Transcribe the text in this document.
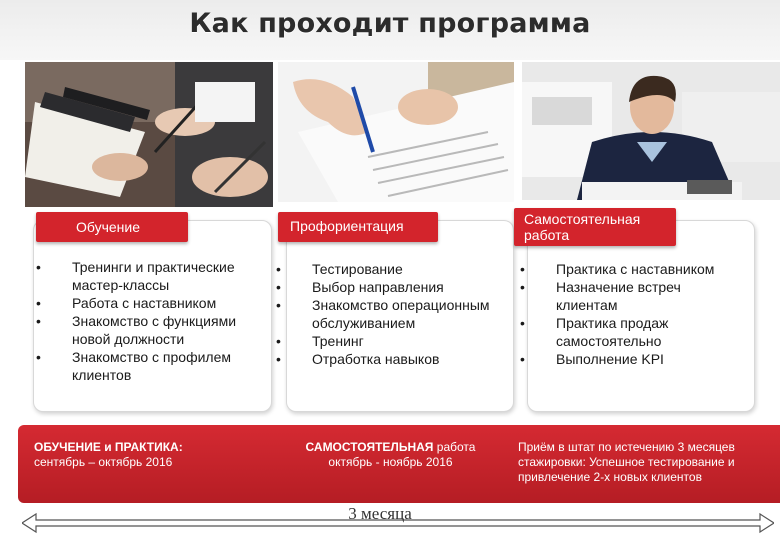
Как проходит программа
Обучение
• Тренинги и практические мастер-классы
• Работа с наставником
• Знакомство с функциями новой должности
• Знакомство с профилем клиентов
Профориентация
• Тестирование
• Выбор направления
• Знакомство операционным обслуживанием
• Тренинг
• Отработка навыков
Самостоятельная работа
• Практика с наставником
• Назначение встреч клиентам
• Практика продаж самостоятельно
• Выполнение KPI
ОБУЧЕНИЕ и ПРАКТИКА:
сентябрь – октябрь 2016
САМОСТОЯТЕЛЬНАЯ работа
октябрь - ноябрь 2016
Приём в штат по истечению 3 месяцев стажировки: Успешное тестирование и привлечение 2-х новых клиентов
3 месяца
